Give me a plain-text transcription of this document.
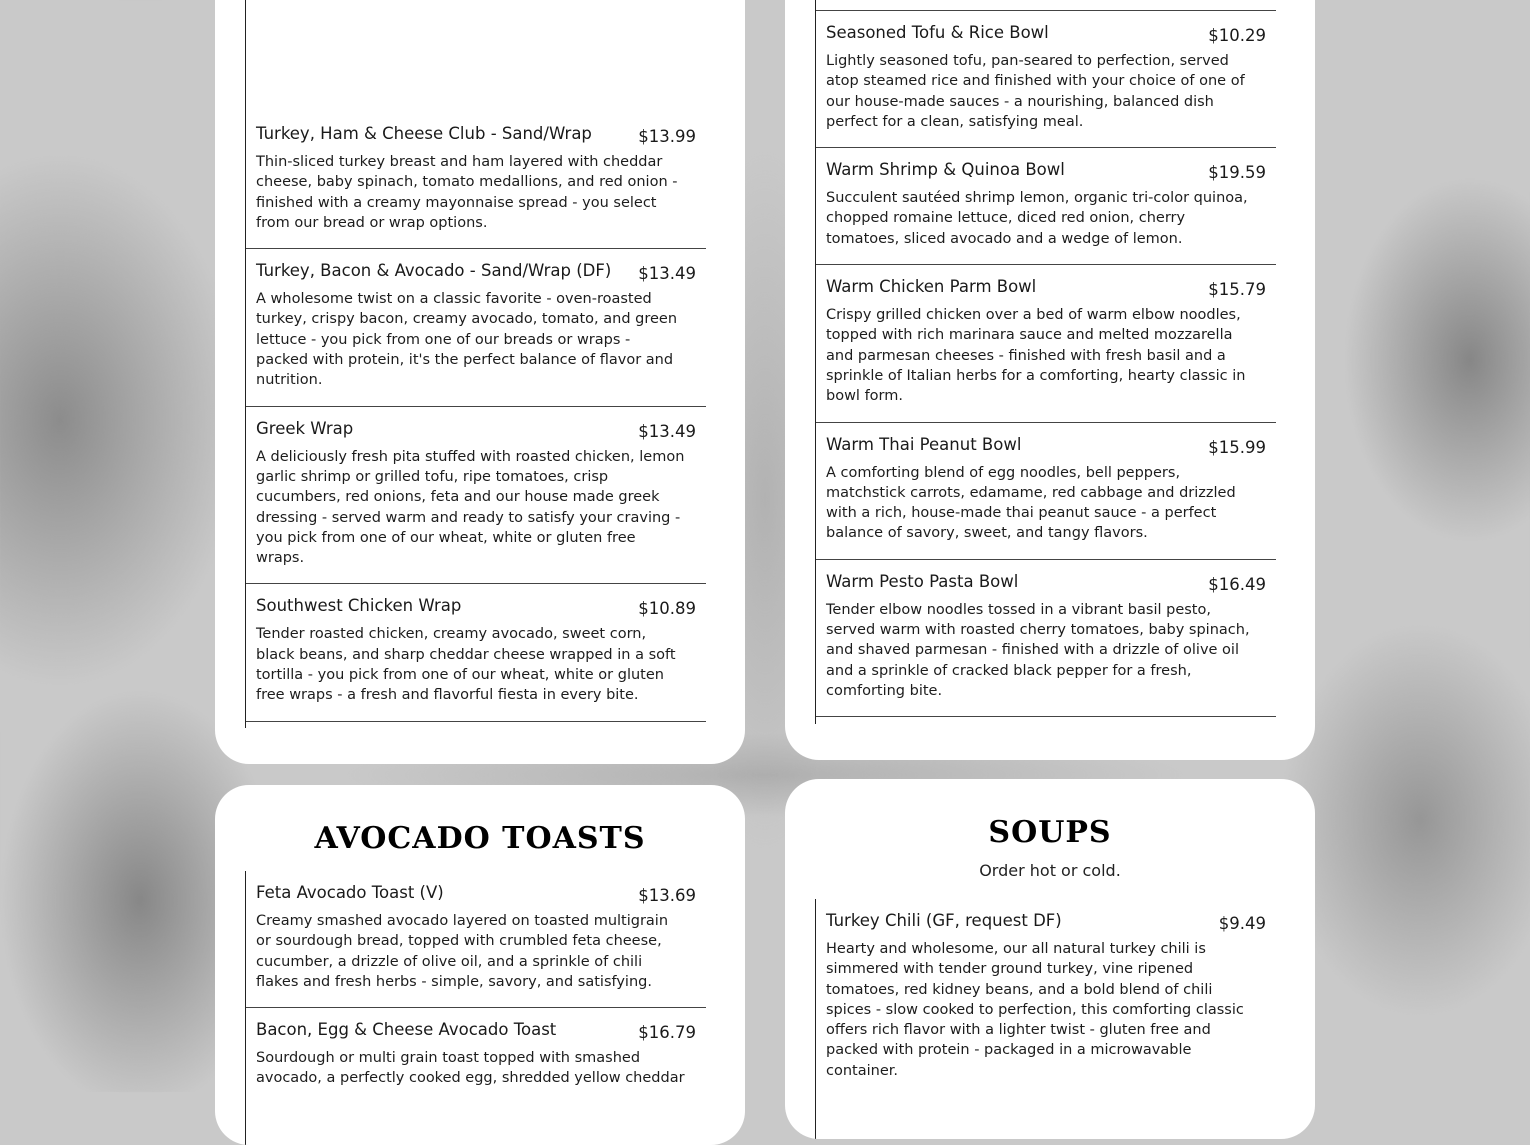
Turkey, Ham & Cheese Club - Sand/Wrap	$13.99
Thin-sliced turkey breast and ham layered with cheddar cheese, baby spinach, tomato medallions, and red onion - finished with a creamy mayonnaise spread - you select from our bread or wrap options.
Turkey, Bacon & Avocado - Sand/Wrap (DF) $13.49
A wholesome twist on a classic favorite - oven-roasted turkey, crispy bacon, creamy avocado, tomato, and green lettuce - you pick from one of our breads or wraps - packed with protein, it's the perfect balance of flavor and nutrition.
Greek Wrap	$13.49
A deliciously fresh pita stuffed with roasted chicken, lemon garlic shrimp or grilled tofu, ripe tomatoes, crisp cucumbers, red onions, feta and our house made greek dressing - served warm and ready to satisfy your craving - you pick from one of our wheat, white or gluten free wraps.
Southwest Chicken Wrap	$10.89
Tender roasted chicken, creamy avocado, sweet corn, black beans, and sharp cheddar cheese wrapped in a soft tortilla - you pick from one of our wheat, white or gluten free wraps - a fresh and flavorful fiesta in every bite.
Seasoned Tofu & Rice Bowl	$10.29
Lightly seasoned tofu, pan-seared to perfection, served atop steamed rice and finished with your choice of one of our house-made sauces - a nourishing, balanced dish perfect for a clean, satisfying meal.
Warm Shrimp & Quinoa Bowl	$19.59
Succulent sautéed shrimp lemon, organic tri-color quinoa, chopped romaine lettuce, diced red onion, cherry tomatoes, sliced avocado and a wedge of lemon.
Warm Chicken Parm Bowl	$15.79
Crispy grilled chicken over a bed of warm elbow noodles, topped with rich marinara sauce and melted mozzarella and parmesan cheeses - finished with fresh basil and a sprinkle of Italian herbs for a comforting, hearty classic in bowl form.
Warm Thai Peanut Bowl	$15.99
A comforting blend of egg noodles, bell peppers, matchstick carrots, edamame, red cabbage and drizzled with a rich, house-made thai peanut sauce - a perfect balance of savory, sweet, and tangy flavors.
Warm Pesto Pasta Bowl	$16.49
Tender elbow noodles tossed in a vibrant basil pesto, served warm with roasted cherry tomatoes, baby spinach, and shaved parmesan - finished with a drizzle of olive oil and a sprinkle of cracked black pepper for a fresh, comforting bite.
AVOCADO TOASTS
Feta Avocado Toast (V)	$13.69
Creamy smashed avocado layered on toasted multigrain or sourdough bread, topped with crumbled feta cheese, cucumber, a drizzle of olive oil, and a sprinkle of chili flakes and fresh herbs - simple, savory, and satisfying.
Bacon, Egg & Cheese Avocado Toast	$16.79
Sourdough or multi grain toast topped with smashed avocado, a perfectly cooked egg, shredded yellow cheddar
SOUPS
Order hot or cold.
Turkey Chili (GF, request DF)	$9.49
Hearty and wholesome, our all natural turkey chili is simmered with tender ground turkey, vine ripened tomatoes, red kidney beans, and a bold blend of chili spices - slow cooked to perfection, this comforting classic offers rich flavor with a lighter twist - gluten free and packed with protein - packaged in a microwavable container.
